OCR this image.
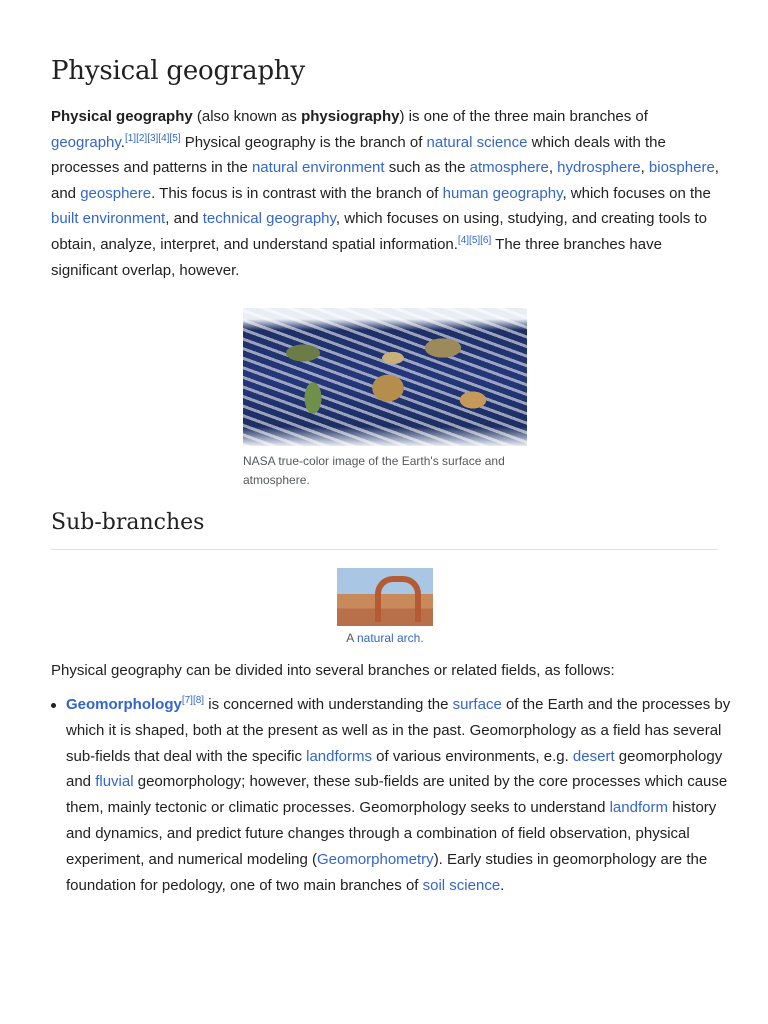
Physical geography

Physical geography (also known as physiography) is one of the three main branches of geography.[1][2][3][4][5] Physical geography is the branch of natural science which deals with the processes and patterns in the natural environment such as the atmosphere, hydrosphere, biosphere, and geosphere. This focus is in contrast with the branch of human geography, which focuses on the built environment, and technical geography, which focuses on using, studying, and creating tools to obtain, analyze, interpret, and understand spatial information.[4][5][6] The three branches have significant overlap, however.

NASA true-color image of the Earth's surface and atmosphere.
Sub-branches
A natural arch.

Physical geography can be divided into several branches or related fields, as follows:

Geomorphology[7][8] is concerned with understanding the surface of the Earth and the processes by which it is shaped, both at the present as well as in the past. Geomorphology as a field has several sub-fields that deal with the specific landforms of various environments, e.g. desert geomorphology and fluvial geomorphology; however, these sub-fields are united by the core processes which cause them, mainly tectonic or climatic processes. Geomorphology seeks to understand landform history and dynamics, and predict future changes through a combination of field observation, physical experiment, and numerical modeling (Geomorphometry). Early studies in geomorphology are the foundation for pedology, one of two main branches of soil science.
